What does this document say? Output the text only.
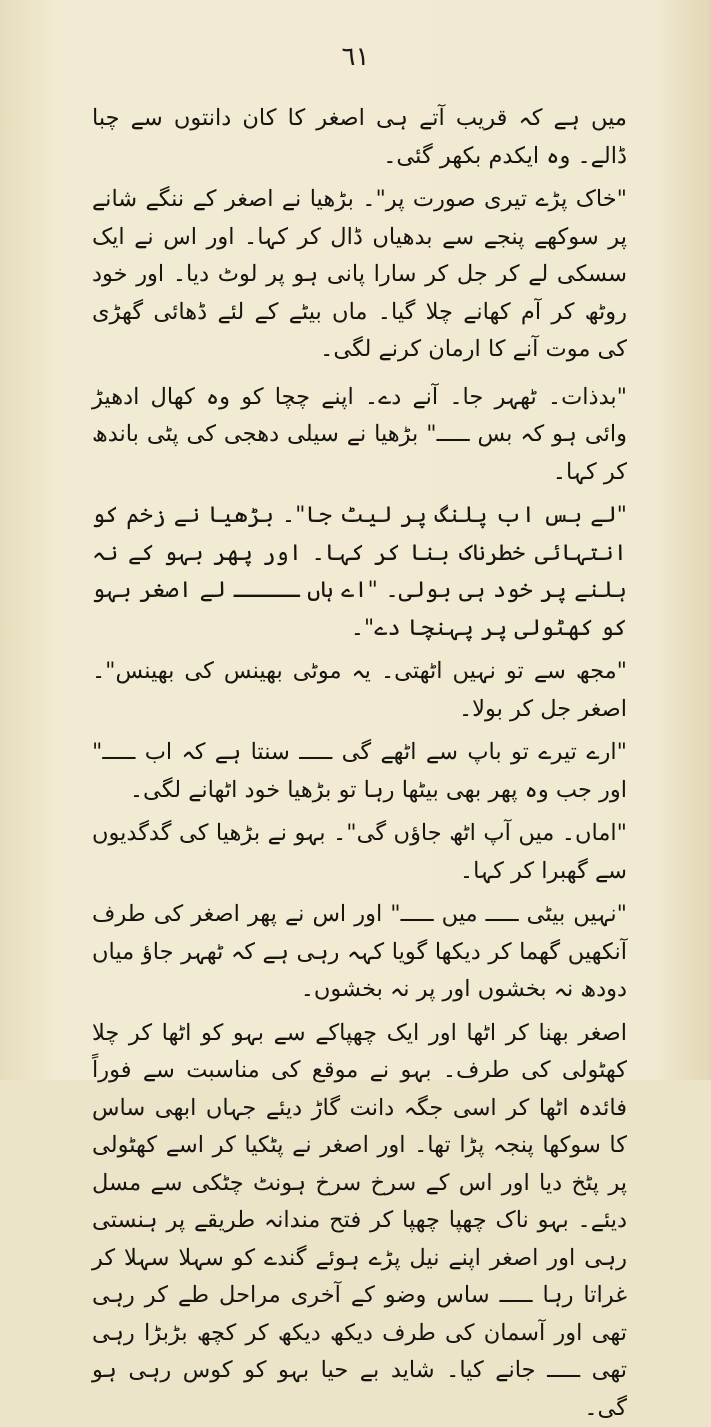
٦١

میں ہے کہ قریب آتے ہی اصغر کا کان دانتوں سے چبا ڈالے۔ وہ ایکدم بکھر گئی۔

"خاک پڑے تیری صورت پر"۔ بڑھیا نے اصغر کے ننگے شانے پر سوکھے پنجے سے بدھیاں ڈال کر کہا۔ اور اس نے ایک سسکی لے کر جل کر سارا پانی ہو پر لوٹ دیا۔ اور خود روٹھ کر آم کھانے چلا گیا۔ ماں بیٹے کے لئے ڈھائی گھڑی کی موت آنے کا ارمان کرنے لگی۔

"بدذات۔ ٹھہر جا۔ آنے دے۔ اپنے چچا کو وہ کھال ادھیڑ وائی ہو کہ بس ـــــ" بڑھیا نے سیلی دھجی کی پٹی باندھ کر کہا۔

"لے بس اب پلنگ پر لیٹ جا"۔ بڑھیا نے زخم کو انتہائی خطرناک بنا کر کہا۔ اور پھر بہو کے نہ ہلنے پر خود ہی بولی۔ "اے ہاں ـــــ لے اصغر بہو کو کھٹولی پر پہنچا دے"۔

"مجھ سے تو نہیں اٹھتی۔ یہ موٹی بھینس کی بھینس"۔ اصغر جل کر بولا۔

"ارے تیرے تو باپ سے اٹھے گی ـــــ سنتا ہے کہ اب ـــــ" اور جب وہ پھر بھی بیٹھا رہا تو بڑھیا خود اٹھانے لگی۔

"اماں۔ میں آپ اٹھ جاؤں گی"۔ بہو نے بڑھیا کی گدگدیوں سے گھبرا کر کہا۔

"نہیں بیٹی ـــــ میں ـــــ" اور اس نے پھر اصغر کی طرف آنکھیں گھما کر دیکھا گویا کہہ رہی ہے کہ ٹھہر جاؤ میاں دودھ نہ بخشوں اور پر نہ بخشوں۔

اصغر بھنا کر اٹھا اور ایک چھپاکے سے بہو کو اٹھا کر چلا کھٹولی کی طرف۔ بہو نے موقع کی مناسبت سے فوراً فائدہ اٹھا کر اسی جگہ دانت گاڑ دیئے جہاں ابھی ساس کا سوکھا پنجہ پڑا تھا۔ اور اصغر نے پٹکیا کر اسے کھٹولی پر پٹخ دیا اور اس کے سرخ سرخ ہونٹ چٹکی سے مسل دیئے۔ بہو ناک چھپا چھپا کر فتح مندانہ طریقے پر ہنستی رہی اور اصغر اپنے نیل پڑے ہوئے گندے کو سہلا سہلا کر غراتا رہا ـــــ ساس وضو کے آخری مراحل طے کر رہی تھی اور آسمان کی طرف دیکھ دیکھ کر کچھ بڑبڑا رہی تھی ـــــ جانے کیا۔ شاید بے حیا بہو کو کوس رہی ہو گی۔
